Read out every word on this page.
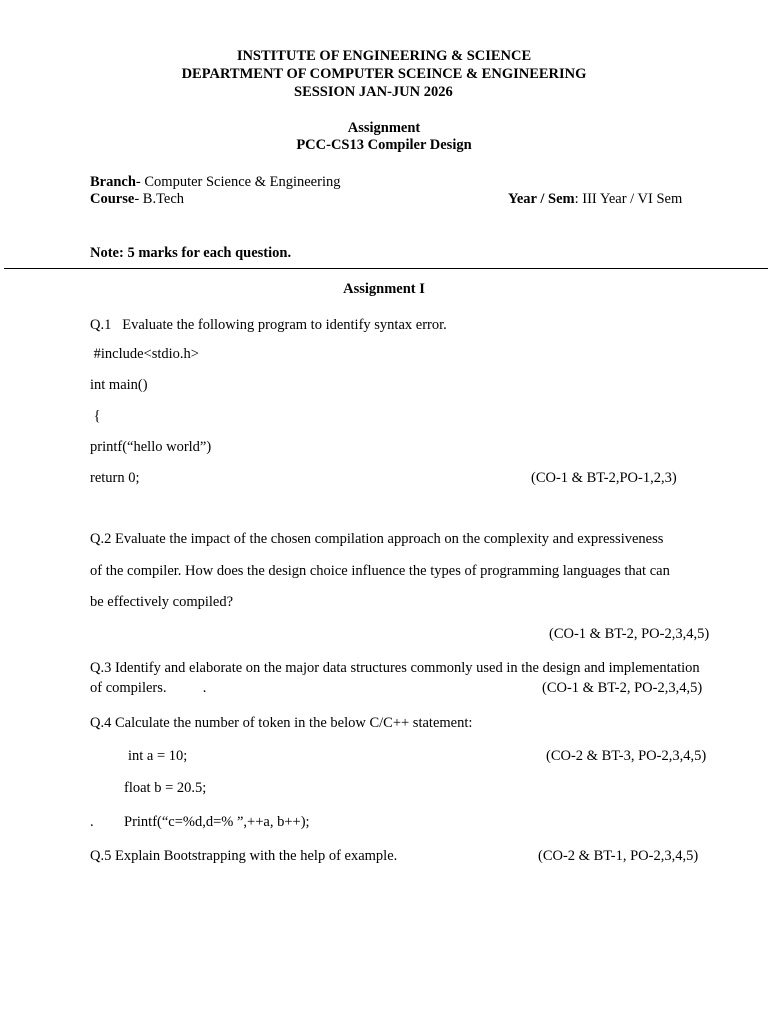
INSTITUTE OF ENGINEERING & SCIENCE
DEPARTMENT OF COMPUTER SCEINCE & ENGINEERING
SESSION JAN-JUN 2026
Assignment
PCC-CS13 Compiler Design
Branch- Computer Science & Engineering
Course- B.Tech	Year / Sem: III Year / VI Sem
Note: 5 marks for each question.
Assignment I
Q.1   Evaluate the following program to identify syntax error.
#include<stdio.h>
int main()
{
printf(“hello world”)
return 0;	(CO-1 & BT-2,PO-1,2,3)
Q.2 Evaluate the impact of the chosen compilation approach on the complexity and expressiveness
of the compiler. How does the design choice influence the types of programming languages that can
be effectively compiled?
(CO-1 & BT-2, PO-2,3,4,5)
Q.3 Identify and elaborate on the major data structures commonly used in the design and implementation
of compilers.          .	(CO-1 & BT-2, PO-2,3,4,5)
Q.4 Calculate the number of token in the below C/C++ statement:
int a = 10;	(CO-2 & BT-3, PO-2,3,4,5)
float b = 20.5;
. Printf(“c=%d,d=% ”,++a, b++);
Q.5 Explain Bootstrapping with the help of example.	(CO-2 & BT-1, PO-2,3,4,5)
